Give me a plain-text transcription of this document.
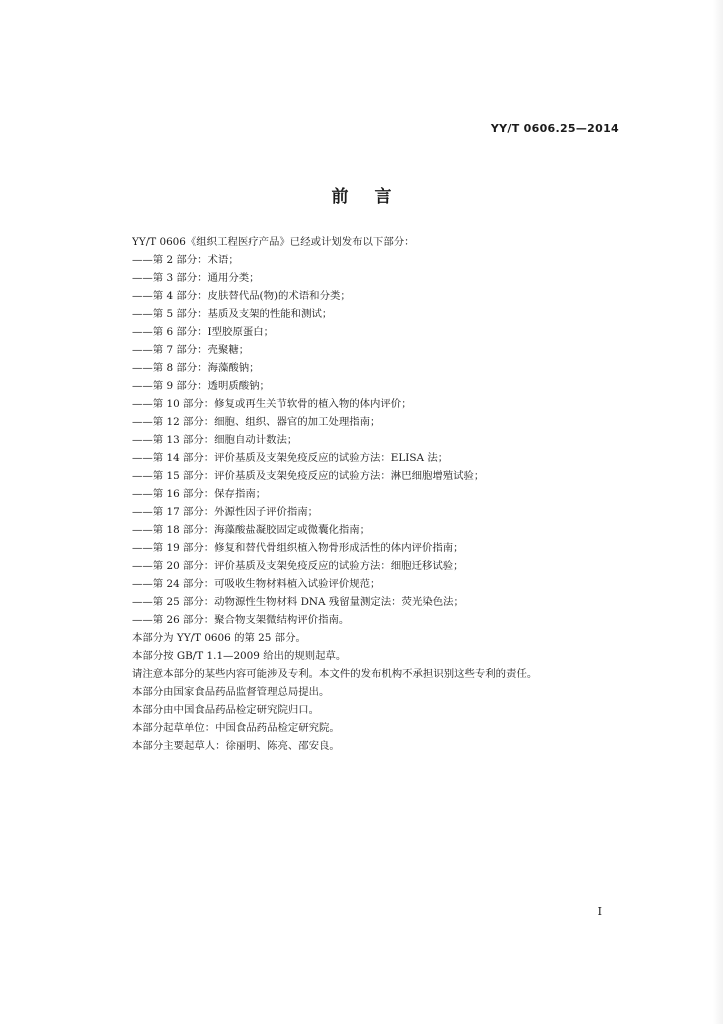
YY/T 0606.25—2014
前言
YY/T 0606《组织工程医疗产品》已经或计划发布以下部分：
——第 2 部分：术语；
——第 3 部分：通用分类；
——第 4 部分：皮肤替代品(物)的术语和分类；
——第 5 部分：基质及支架的性能和测试；
——第 6 部分：Ⅰ型胶原蛋白；
——第 7 部分：壳聚糖；
——第 8 部分：海藻酸钠；
——第 9 部分：透明质酸钠；
——第 10 部分：修复或再生关节软骨的植入物的体内评价；
——第 12 部分：细胞、组织、器官的加工处理指南；
——第 13 部分：细胞自动计数法；
——第 14 部分：评价基质及支架免疫反应的试验方法：ELISA 法；
——第 15 部分：评价基质及支架免疫反应的试验方法：淋巴细胞增殖试验；
——第 16 部分：保存指南；
——第 17 部分：外源性因子评价指南；
——第 18 部分：海藻酸盐凝胶固定或微囊化指南；
——第 19 部分：修复和替代骨组织植入物骨形成活性的体内评价指南；
——第 20 部分：评价基质及支架免疫反应的试验方法：细胞迁移试验；
——第 24 部分：可吸收生物材料植入试验评价规范；
——第 25 部分：动物源性生物材料 DNA 残留量测定法：荧光染色法；
——第 26 部分：聚合物支架微结构评价指南。
本部分为 YY/T 0606 的第 25 部分。
本部分按 GB/T 1.1—2009 给出的规则起草。
请注意本部分的某些内容可能涉及专利。本文件的发布机构不承担识别这些专利的责任。
本部分由国家食品药品监督管理总局提出。
本部分由中国食品药品检定研究院归口。
本部分起草单位：中国食品药品检定研究院。
本部分主要起草人：徐丽明、陈亮、邵安良。
I
